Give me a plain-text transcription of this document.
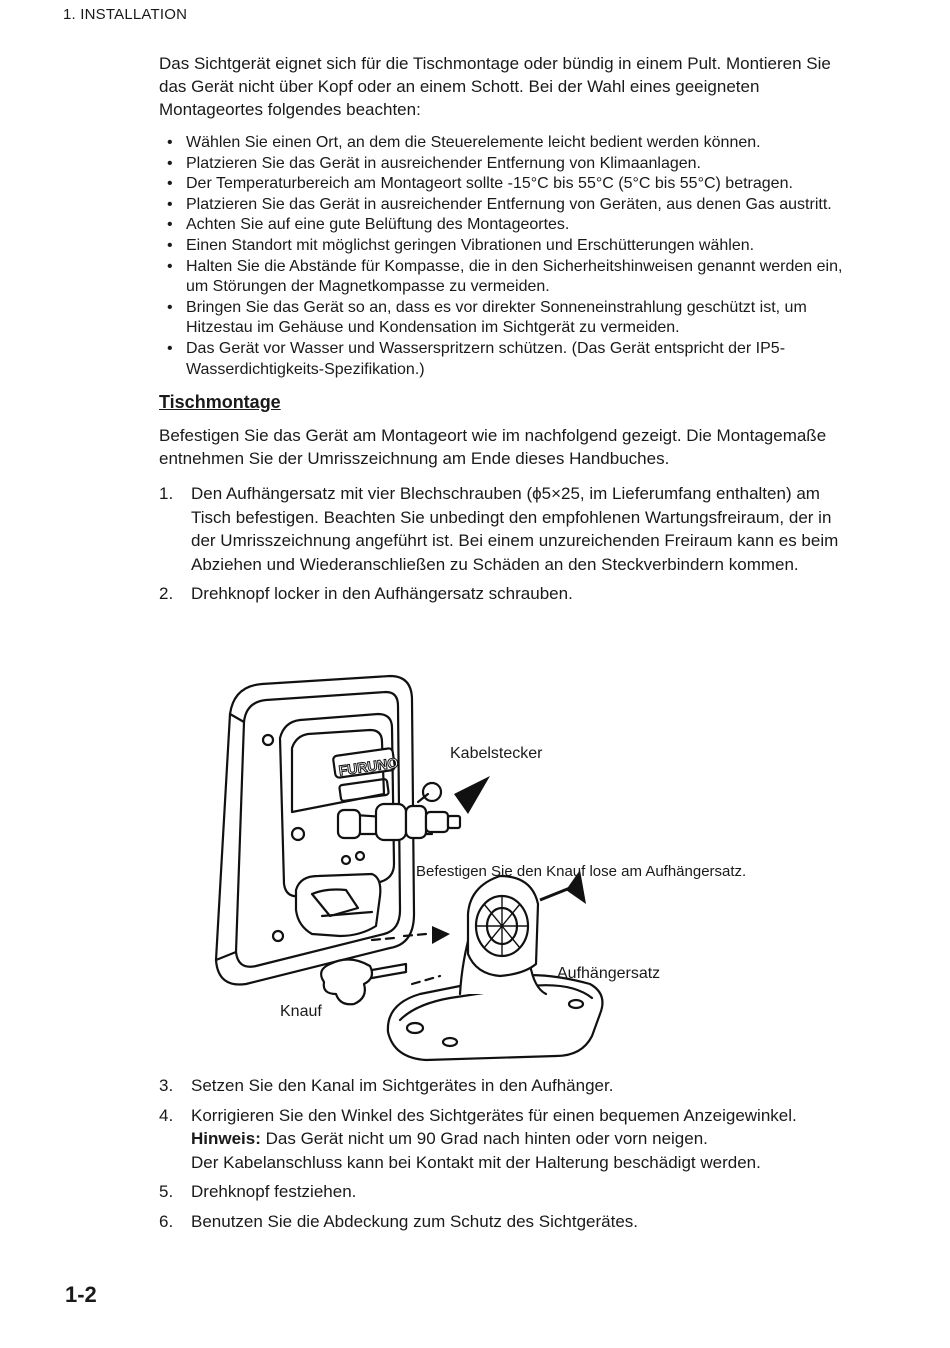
1. INSTALLATION

Das Sichtgerät eignet sich für die Tischmontage oder bündig in einem Pult. Montieren Sie das Gerät nicht über Kopf oder an einem Schott. Bei der Wahl eines geeigneten Montageortes folgendes beachten:

• Wählen Sie einen Ort, an dem die Steuerelemente leicht bedient werden können.
• Platzieren Sie das Gerät in ausreichender Entfernung von Klimaanlagen.
• Der Temperaturbereich am Montageort sollte -15°C bis 55°C (5°C bis 55°C) betragen.
• Platzieren Sie das Gerät in ausreichender Entfernung von Geräten, aus denen Gas austritt.
• Achten Sie auf eine gute Belüftung des Montageortes.
• Einen Standort mit möglichst geringen Vibrationen und Erschütterungen wählen.
• Halten Sie die Abstände für Kompasse, die in den Sicherheitshinweisen genannt werden ein, um Störungen der Magnetkompasse zu vermeiden.
• Bringen Sie das Gerät so an, dass es vor direkter Sonneneinstrahlung geschützt ist, um Hitzestau im Gehäuse und Kondensation im Sichtgerät zu vermeiden.
• Das Gerät vor Wasser und Wasserspritzern schützen. (Das Gerät entspricht der IP5-Wasserdichtigkeits-Spezifikation.)
Tischmontage

Befestigen Sie das Gerät am Montageort wie im nachfolgend gezeigt. Die Montagemaße entnehmen Sie der Umrisszeichnung am Ende dieses Handbuches.

1. Den Aufhängersatz mit vier Blechschrauben (ϕ5×25, im Lieferumfang enthalten) am Tisch befestigen. Beachten Sie unbedingt den empfohlenen Wartungsfreiraum, der in der Umrisszeichnung angeführt ist. Bei einem unzureichenden Freiraum kann es beim Abziehen und Wiederanschließen zu Schäden an den Steckverbindern kommen.
2. Drehknopf locker in den Aufhängersatz schrauben.
FURUNO
Kabelstecker
Befestigen Sie den Knauf lose am Aufhängersatz.
Aufhängersatz
Knauf
3. Setzen Sie den Kanal im Sichtgerätes in den Aufhänger.
4. Korrigieren Sie den Winkel des Sichtgerätes für einen bequemen Anzeigewinkel.
Hinweis: Das Gerät nicht um 90 Grad nach hinten oder vorn neigen.
Der Kabelanschluss kann bei Kontakt mit der Halterung beschädigt werden.
5. Drehknopf festziehen.
6. Benutzen Sie die Abdeckung zum Schutz des Sichtgerätes.
1-2
